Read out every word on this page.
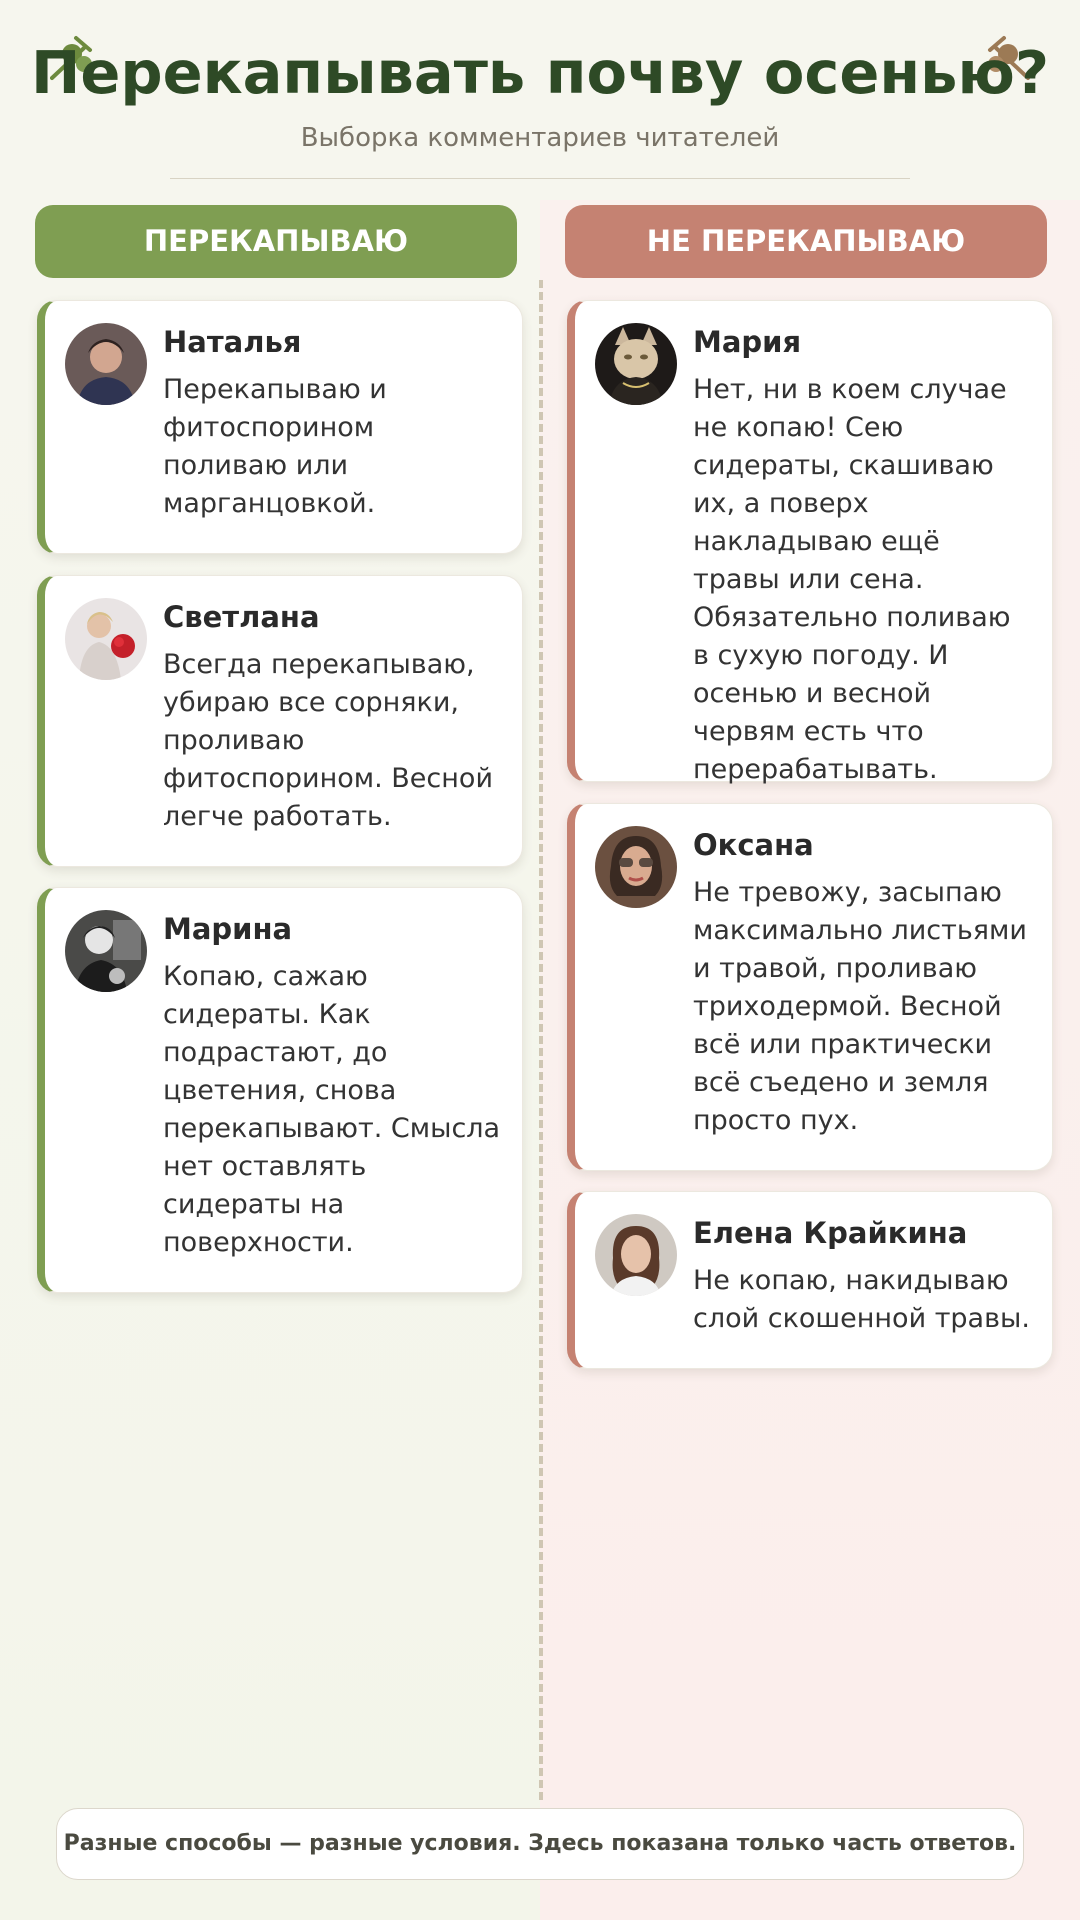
Перекапывать почву осенью?
Выборка комментариев читателей
ПЕРЕКАПЫВАЮ	НЕ ПЕРЕКАПЫВАЮ
Наталья
Перекапываю и фитоспорином поливаю или марганцовкой.
Светлана
Всегда перекапываю, убираю все сорняки, проливаю фитоспорином. Весной легче работать.
Марина
Копаю, сажаю сидераты. Как подрастают, до цветения, снова перекапывают. Смысла нет оставлять сидераты на поверхности.
Мария
Нет, ни в коем случае не копаю! Сею сидераты, скашиваю их, а поверх накладываю ещё травы или сена. Обязательно поливаю в сухую погоду. И осенью и весной червям есть что перерабатывать.
Оксана
Не тревожу, засыпаю максимально листьями и травой, проливаю триходермой. Весной всё или практически всё съедено и земля просто пух.
Елена Крайкина
Не копаю, накидываю слой скошенной травы.
Разные способы — разные условия. Здесь показана только часть ответов.
